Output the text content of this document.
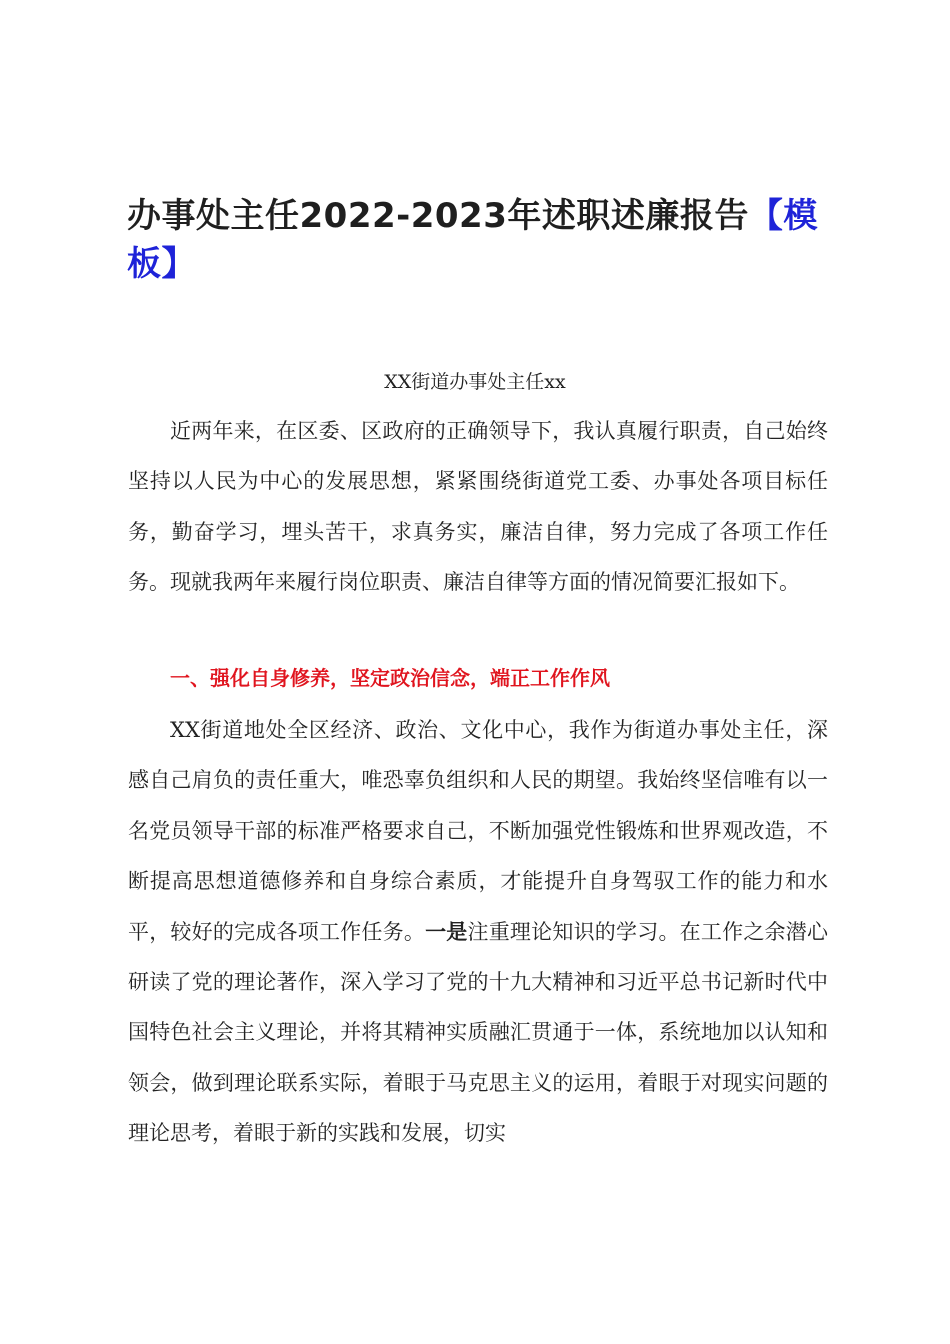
办事处主任2022-2023年述职述廉报告【模板】
XX街道办事处主任xx

近两年来，在区委、区政府的正确领导下，我认真履行职责，自己始终坚持以人民为中心的发展思想，紧紧围绕街道党工委、办事处各项目标任务，勤奋学习，埋头苦干，求真务实，廉洁自律，努力完成了各项工作任务。现就我两年来履行岗位职责、廉洁自律等方面的情况简要汇报如下。

一、强化自身修养，坚定政治信念，端正工作作风

XX街道地处全区经济、政治、文化中心，我作为街道办事处主任，深感自己肩负的责任重大，唯恐辜负组织和人民的期望。我始终坚信唯有以一名党员领导干部的标准严格要求自己，不断加强党性锻炼和世界观改造，不断提高思想道德修养和自身综合素质，才能提升自身驾驭工作的能力和水平，较好的完成各项工作任务。一是注重理论知识的学习。在工作之余潜心研读了党的理论著作，深入学习了党的十九大精神和习近平总书记新时代中国特色社会主义理论，并将其精神实质融汇贯通于一体，系统地加以认知和领会，做到理论联系实际，着眼于马克思主义的运用，着眼于对现实问题的理论思考，着眼于新的实践和发展，切实
